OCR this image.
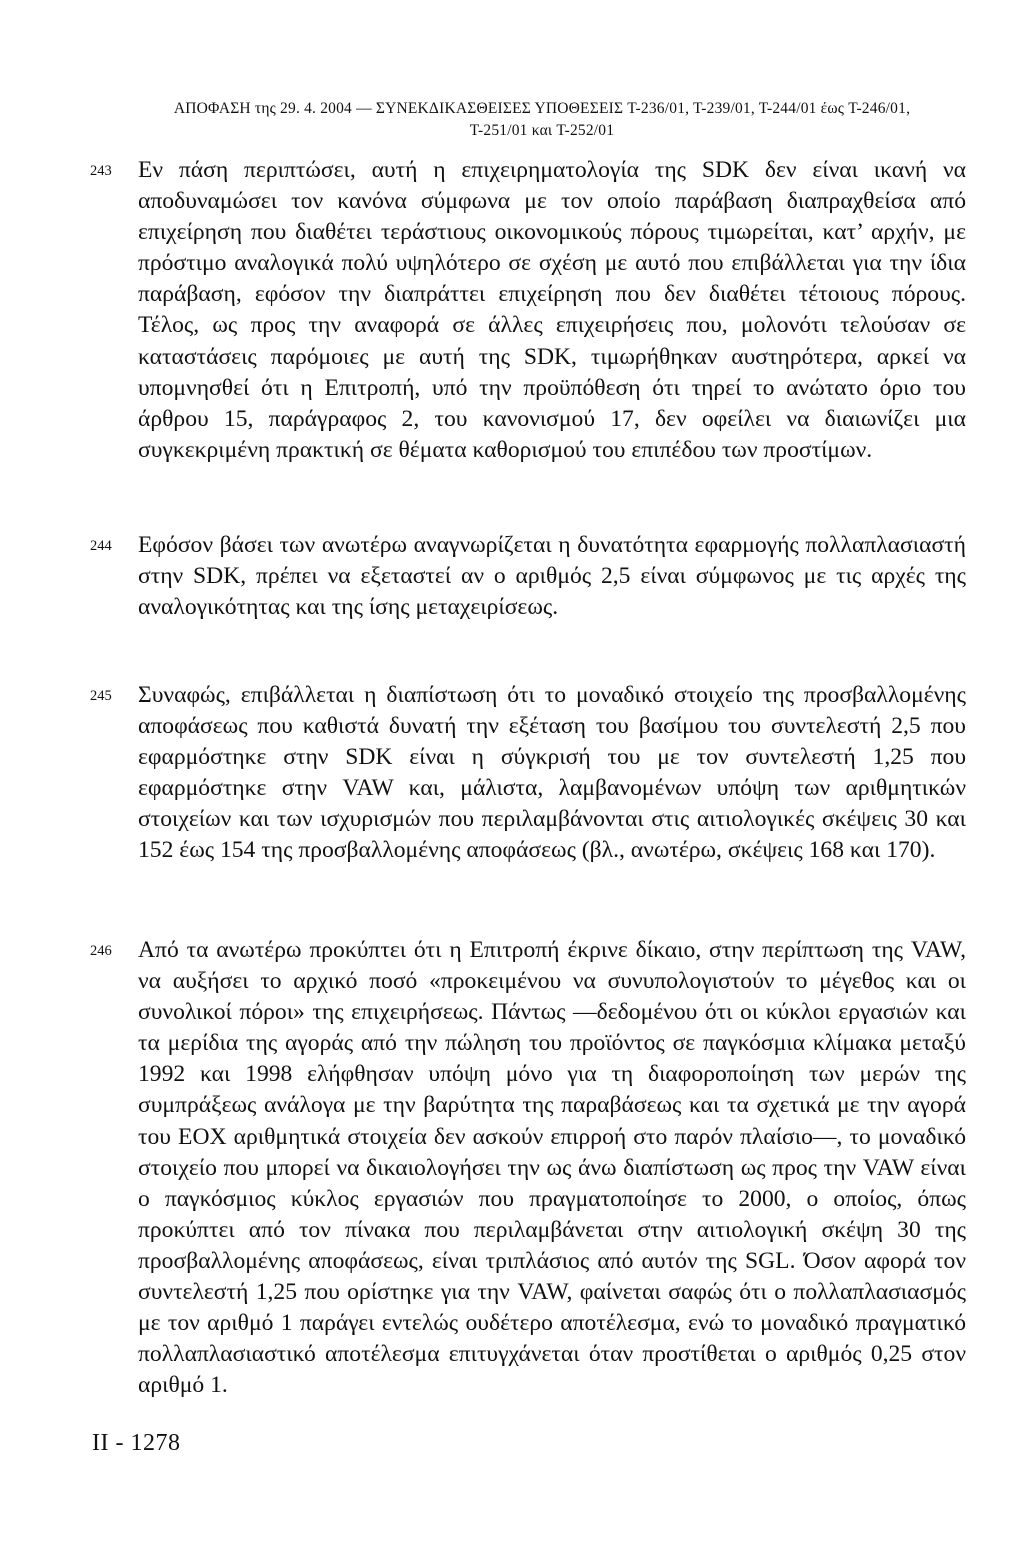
ΑΠΟΦΑΣΗ της 29. 4. 2004 — ΣΥΝΕΚΔΙΚΑΣΘΕΙΣΕΣ ΥΠΟΘΕΣΕΙΣ T-236/01, T-239/01, T-244/01 έως T-246/01,
T-251/01 και T-252/01
243 Εν πάση περιπτώσει, αυτή η επιχειρηματολογία της SDK δεν είναι ικανή να αποδυναμώσει τον κανόνα σύμφωνα με τον οποίο παράβαση διαπραχθείσα από επιχείρηση που διαθέτει τεράστιους οικονομικούς πόρους τιμωρείται, κατ’ αρχήν, με πρόστιμο αναλογικά πολύ υψηλότερο σε σχέση με αυτό που επιβάλλεται για την ίδια παράβαση, εφόσον την διαπράττει επιχείρηση που δεν διαθέτει τέτοιους πόρους. Τέλος, ως προς την αναφορά σε άλλες επιχειρήσεις που, μολονότι τελούσαν σε καταστάσεις παρόμοιες με αυτή της SDK, τιμωρήθηκαν αυστηρότερα, αρκεί να υπομνησθεί ότι η Επιτροπή, υπό την προϋπόθεση ότι τηρεί το ανώτατο όριο του άρθρου 15, παράγραφος 2, του κανονισμού 17, δεν οφείλει να διαιωνίζει μια συγκεκριμένη πρακτική σε θέματα καθορισμού του επιπέδου των προστίμων.
244 Εφόσον βάσει των ανωτέρω αναγνωρίζεται η δυνατότητα εφαρμογής πολλαπλασιαστή στην SDK, πρέπει να εξεταστεί αν ο αριθμός 2,5 είναι σύμφωνος με τις αρχές της αναλογικότητας και της ίσης μεταχειρίσεως.
245 Συναφώς, επιβάλλεται η διαπίστωση ότι το μοναδικό στοιχείο της προσβαλλομένης αποφάσεως που καθιστά δυνατή την εξέταση του βασίμου του συντελεστή 2,5 που εφαρμόστηκε στην SDK είναι η σύγκρισή του με τον συντελεστή 1,25 που εφαρμόστηκε στην VAW και, μάλιστα, λαμβανομένων υπόψη των αριθμητικών στοιχείων και των ισχυρισμών που περιλαμβάνονται στις αιτιολογικές σκέψεις 30 και 152 έως 154 της προσβαλλομένης αποφάσεως (βλ., ανωτέρω, σκέψεις 168 και 170).
246 Από τα ανωτέρω προκύπτει ότι η Επιτροπή έκρινε δίκαιο, στην περίπτωση της VAW, να αυξήσει το αρχικό ποσό «προκειμένου να συνυπολογιστούν το μέγεθος και οι συνολικοί πόροι» της επιχειρήσεως. Πάντως —δεδομένου ότι οι κύκλοι εργασιών και τα μερίδια της αγοράς από την πώληση του προϊόντος σε παγκόσμια κλίμακα μεταξύ 1992 και 1998 ελήφθησαν υπόψη μόνο για τη διαφοροποίηση των μερών της συμπράξεως ανάλογα με την βαρύτητα της παραβάσεως και τα σχετικά με την αγορά του ΕΟΧ αριθμητικά στοιχεία δεν ασκούν επιρροή στο παρόν πλαίσιο—, το μοναδικό στοιχείο που μπορεί να δικαιολογήσει την ως άνω διαπίστωση ως προς την VAW είναι ο παγκόσμιος κύκλος εργασιών που πραγματοποίησε το 2000, ο οποίος, όπως προκύπτει από τον πίνακα που περιλαμβάνεται στην αιτιολογική σκέψη 30 της προσβαλλομένης αποφάσεως, είναι τριπλάσιος από αυτόν της SGL. Όσον αφορά τον συντελεστή 1,25 που ορίστηκε για την VAW, φαίνεται σαφώς ότι ο πολλαπλασιασμός με τον αριθμό 1 παράγει εντελώς ουδέτερο αποτέλεσμα, ενώ το μοναδικό πραγματικό πολλαπλασιαστικό αποτέλεσμα επιτυγχάνεται όταν προστίθεται ο αριθμός 0,25 στον αριθμό 1.
II - 1278
